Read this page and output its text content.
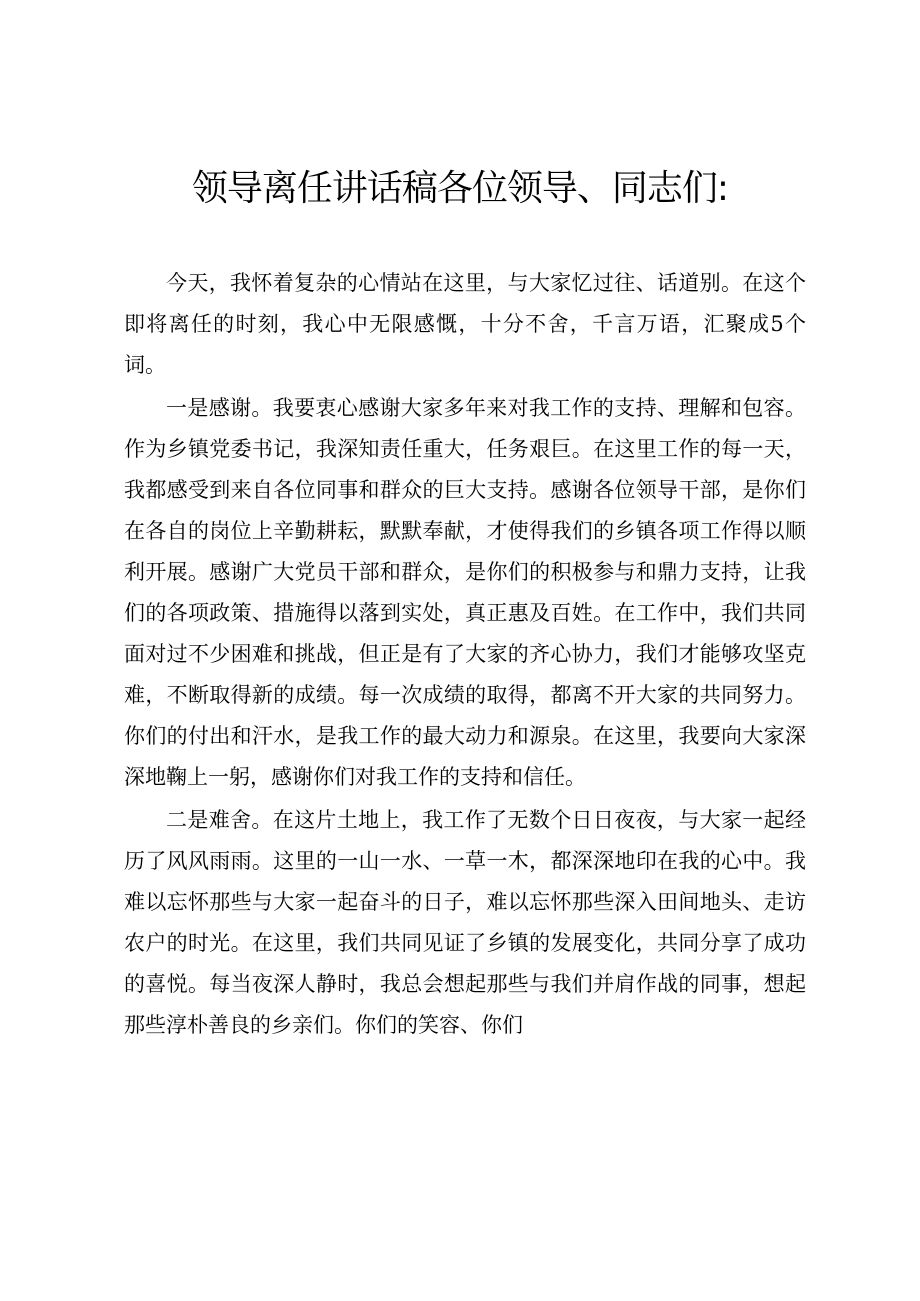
领导离任讲话稿各位领导、同志们:

今天，我怀着复杂的心情站在这里，与大家忆过往、话道别。在这个即将离任的时刻，我心中无限感慨，十分不舍，千言万语，汇聚成5个词。

一是感谢。我要衷心感谢大家多年来对我工作的支持、理解和包容。作为乡镇党委书记，我深知责任重大，任务艰巨。在这里工作的每一天，我都感受到来自各位同事和群众的巨大支持。感谢各位领导干部，是你们在各自的岗位上辛勤耕耘，默默奉献，才使得我们的乡镇各项工作得以顺利开展。感谢广大党员干部和群众，是你们的积极参与和鼎力支持，让我们的各项政策、措施得以落到实处，真正惠及百姓。在工作中，我们共同面对过不少困难和挑战，但正是有了大家的齐心协力，我们才能够攻坚克难，不断取得新的成绩。每一次成绩的取得，都离不开大家的共同努力。你们的付出和汗水，是我工作的最大动力和源泉。在这里，我要向大家深深地鞠上一躬，感谢你们对我工作的支持和信任。

二是难舍。在这片土地上，我工作了无数个日日夜夜，与大家一起经历了风风雨雨。这里的一山一水、一草一木，都深深地印在我的心中。我难以忘怀那些与大家一起奋斗的日子，难以忘怀那些深入田间地头、走访农户的时光。在这里，我们共同见证了乡镇的发展变化，共同分享了成功的喜悦。每当夜深人静时，我总会想起那些与我们并肩作战的同事，想起那些淳朴善良的乡亲们。你们的笑容、你们
